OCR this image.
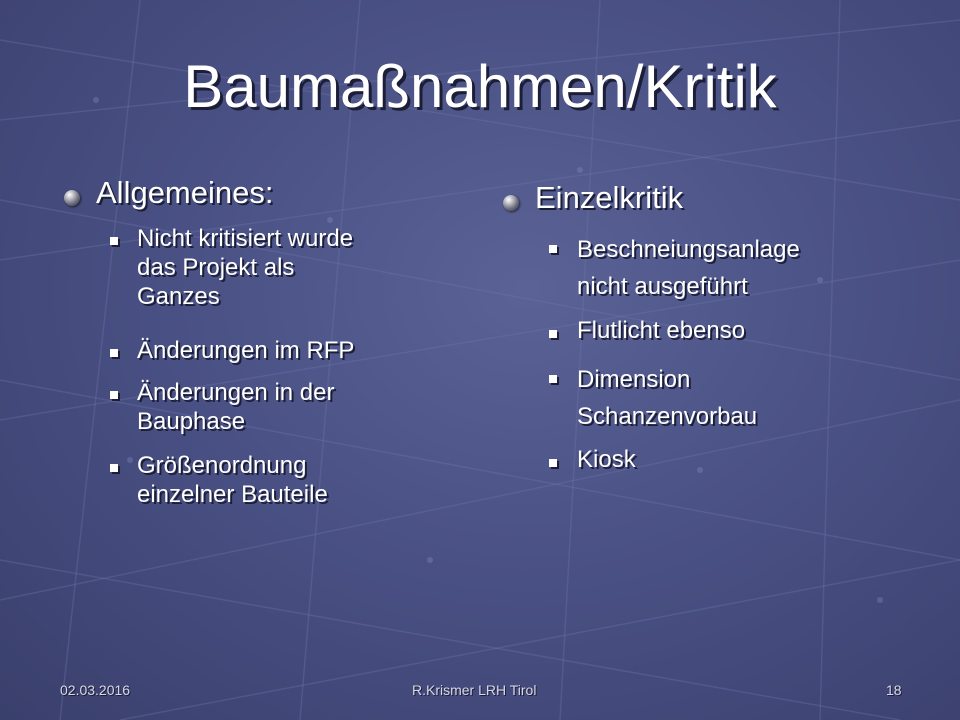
Baumaßnahmen/Kritik
Allgemeines:
Nicht kritisiert wurde
das Projekt als
Ganzes
Änderungen im RFP
Änderungen in der
Bauphase
Größenordnung
einzelner Bauteile
Einzelkritik
Beschneiungsanlage
nicht ausgeführt
Flutlicht ebenso
Dimension
Schanzenvorbau
Kiosk
02.03.2016	R.Krismer LRH Tirol	18
